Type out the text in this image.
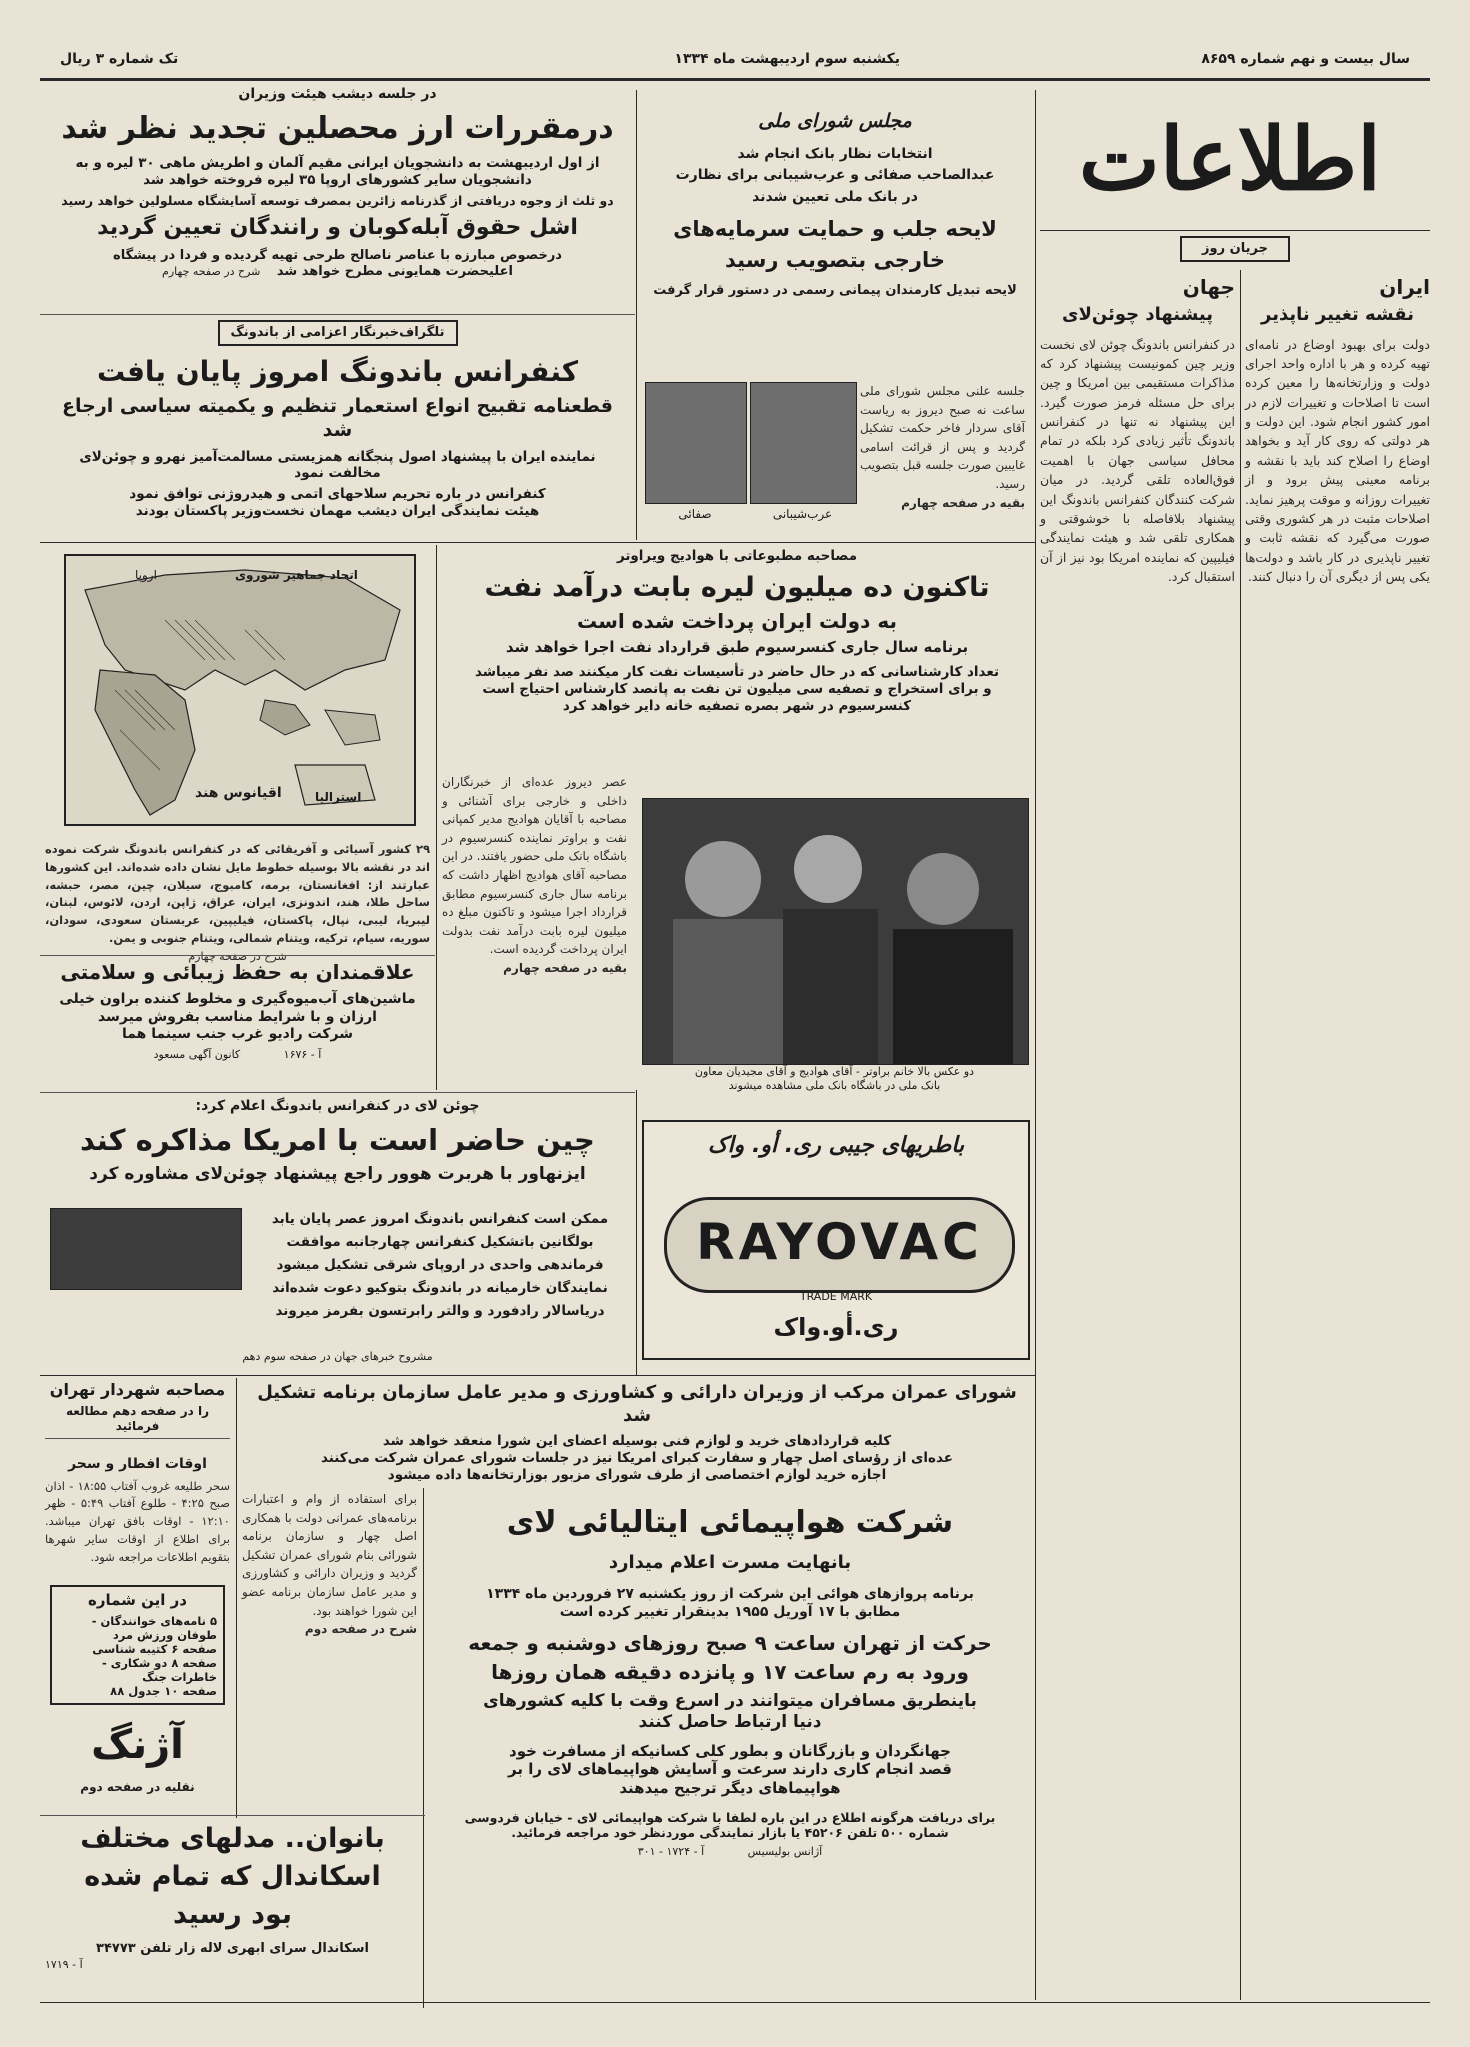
سال بیست و نهم شماره ۸۶۵۹
یکشنبه سوم اردیبهشت ماه ۱۳۳۴
تک شماره ۳ ریال
اطلاعات
جریان روز
ایران
نقشه تغییر ناپذیر
دولت برای بهبود اوضاع در نامه‌ای تهیه کرده و هر با اداره واحد اجرای دولت و وزارتخانه‌ها را معین کرده است تا اصلاحات و تغییرات لازم در امور کشور انجام شود. این دولت و هر دولتی که روی کار آید و بخواهد اوضاع را اصلاح کند باید با نقشه و برنامه معینی پیش برود و از تغییرات روزانه و موقت پرهیز نماید. اصلاحات مثبت در هر کشوری وقتی صورت می‌گیرد که نقشه ثابت و تغییر ناپذیری در کار باشد و دولت‌ها یکی پس از دیگری آن را دنبال کنند.
جهان
پیشنهاد چوئن‌لای
در کنفرانس باندونگ چوئن لای نخست وزیر چین کمونیست پیشنهاد کرد که مذاکرات مستقیمی بین امریکا و چین برای حل مسئله فرمز صورت گیرد. این پیشنهاد نه تنها در کنفرانس باندونگ تأثیر زیادی کرد بلکه در تمام محافل سیاسی جهان با اهمیت فوق‌العاده تلقی گردید. در میان شرکت کنندگان کنفرانس باندونگ این پیشنهاد بلافاصله با خوشوقتی و همکاری تلقی شد و هیئت نمایندگی فیلیپین که نماینده امریکا بود نیز از آن استقبال کرد.
مجلس شورای ملی
انتخابات نظار بانک انجام شد
عبدالصاحب صفائی و عرب‌شیبانی برای نظارت
در بانک ملی تعیین شدند
لایحه جلب و حمایت سرمایه‌های
خارجی بتصویب رسید
لایحه تبدیل کارمندان پیمانی رسمی در دستور قرار گرفت
جلسه علنی مجلس شورای ملی ساعت نه صبح دیروز به ریاست آقای سردار فاخر حکمت تشکیل گردید و پس از قرائت اسامی غایبین صورت جلسه قبل بتصویب رسید.
بقیه در صفحه چهارم
عرب‌شیبانی
صفائی
در جلسه دیشب هیئت وزیران
درمقررات ارز محصلین تجدید نظر شد
از اول اردیبهشت به دانشجویان ایرانی مقیم آلمان و اطریش ماهی ۳۰ لیره و به
دانشجویان سایر کشورهای اروپا ۳۵ لیره فروخته خواهد شد
دو ثلث از وجوه دریافتی از گذرنامه زائرین بمصرف توسعه آسایشگاه مسلولین خواهد رسید
اشل حقوق آبله‌کوبان و رانندگان تعیین گردید
درخصوص مبارزه با عناصر ناصالح طرحی تهیه گردیده و فردا در پیشگاه
اعلیحضرت همایونی مطرح خواهد شد شرح در صفحه چهارم
تلگراف‌خبرنگار اعزامی از باندونگ
کنفرانس باندونگ امروز پایان یافت
قطعنامه تقبیح انواع استعمار تنظیم و یکمیته سیاسی ارجاع شد
نماینده ایران با پیشنهاد اصول پنجگانه همزیستی مسالمت‌آمیز نهرو و چوئن‌لای
مخالفت نمود
کنفرانس در باره تحریم سلاحهای اتمی و هیدروژنی توافق نمود
هیئت نمایندگی ایران دیشب مهمان نخست‌وزیر پاکستان بودند
اتحاد جماهیر شوروی
اروپا
اقیانوس هند	استرالیا
۲۹ کشور آسیائی و آفریقائی که در کنفرانس باندونگ شرکت نموده اند در نقشه بالا بوسیله خطوط مایل نشان داده شده‌اند. این کشورها عبارتند از: افغانستان، برمه، کامبوج، سیلان، چین، مصر، حبشه، ساحل طلا، هند، اندونزی، ایران، عراق، ژاپن، اردن، لائوس، لبنان، لیبریا، لیبی، نپال، پاکستان، فیلیپین، عربستان سعودی، سودان، سوریه، سیام، ترکیه، ویتنام شمالی، ویتنام جنوبی و یمن.
شرح در صفحه چهارم
علاقمندان به حفظ زیبائی و سلامتی
ماشین‌های آب‌میوه‌گیری و مخلوط کننده براون خیلی
ارزان و با شرایط مناسب بفروش میرسد
شرکت رادیو غرب جنب سینما هما
آ - ۱۶۷۶ کانون آگهی مسعود
مصاحبه مطبوعاتی با هوادیج ویراوتر
تاکنون ده میلیون لیره بابت درآمد نفت
به دولت ایران پرداخت شده است
برنامه سال جاری کنسرسیوم طبق قرارداد نفت اجرا خواهد شد
تعداد کارشناسانی که در حال حاضر در تأسیسات نفت کار میکنند صد نفر میباشد
و برای استخراج و تصفیه سی میلیون تن نفت به پانصد کارشناس احتیاج است
کنسرسیوم در شهر بصره تصفیه خانه دایر خواهد کرد
عصر دیروز عده‌ای از خبرنگاران داخلی و خارجی برای آشنائی و مصاحبه با آقایان هوادیج مدیر کمپانی نفت و براوتر نماینده کنسرسیوم در باشگاه بانک ملی حضور یافتند. در این مصاحبه آقای هوادیج اظهار داشت که برنامه سال جاری کنسرسیوم مطابق قرارداد اجرا میشود و تاکنون مبلغ ده میلیون لیره بابت درآمد نفت بدولت ایران پرداخت گردیده است.
بقیه در صفحه چهارم
دو عکس بالا خانم براوتر - آقای هوادیج و آقای مجیدیان معاون
بانک ملی در باشگاه بانک ملی مشاهده میشوند
چوئن لای در کنفرانس باندونگ اعلام کرد:
چین حاضر است با امریکا مذاکره کند
ایزنهاور با هربرت هوور راجع پیشنهاد چوئن‌لای مشاوره کرد
ممکن است کنفرانس باندونگ امروز عصر پایان یابد
بولگانین باتشکیل کنفرانس چهارجانبه موافقت
فرماندهی واحدی در اروپای شرقی تشکیل میشود
نمایندگان خارمیانه در باندونگ بتوکیو دعوت شده‌اند
دریاسالار رادفورد و والتر رابرتسون بفرمز میروند
مشروح خبرهای جهان در صفحه سوم دهم
باطریهای جیبی ری. أو. واک
RAYOVAC
TRADE MARK
ری.أو.واک
مصاحبه شهردار تهران
را در صفحه دهم مطالعه فرمائید
اوقات افطار و سحر
سحر طلیعه غروب آفتاب ۱۸:۵۵ - اذان صبح ۴:۲۵ - طلوع آفتاب ۵:۴۹ - ظهر ۱۲:۱۰ - اوقات بافق تهران میباشد. برای اطلاع از اوقات سایر شهرها بتقویم اطلاعات مراجعه شود.
در این شماره
۵ نامه‌های خوانندگان - طوفان ورزش مرد
صفحه ۶ کتیبه شناسی
صفحه ۸ دو شکاری - خاطرات جنگ
صفحه ۱۰ جدول ۸۸
آژنگ
نقلیه در صفحه دوم
شورای عمران مرکب از وزیران دارائی و کشاورزی و مدیر عامل سازمان برنامه تشکیل شد
کلیه قراردادهای خرید و لوازم فنی بوسیله اعضای این شورا منعقد خواهد شد
عده‌ای از رؤسای اصل چهار و سفارت کبرای امریکا نیز در جلسات شورای عمران شرکت می‌کنند
اجازه خرید لوازم اختصاصی از طرف شورای مزبور بوزارتخانه‌ها داده میشود
برای استفاده از وام و اعتبارات برنامه‌های عمرانی دولت با همکاری اصل چهار و سازمان برنامه شورائی بنام شورای عمران تشکیل گردید و وزیران دارائی و کشاورزی و مدیر عامل سازمان برنامه عضو این شورا خواهند بود.
شرح در صفحه دوم
شرکت هواپیمائی ایتالیائی لای
بانهایت مسرت اعلام میدارد
برنامه پروازهای هوائی این شرکت از روز یکشنبه ۲۷ فروردین ماه ۱۳۳۴
مطابق با ۱۷ آوریل ۱۹۵۵ بدینقرار تغییر کرده است
حرکت از تهران ساعت ۹ صبح روزهای دوشنبه و جمعه
ورود به رم ساعت ۱۷ و پانزده دقیقه همان روزها
باینطریق مسافران میتوانند در اسرع وقت با کلیه کشورهای
دنیا ارتباط حاصل کنند
جهانگردان و بازرگانان و بطور کلی کسانیکه از مسافرت خود
قصد انجام کاری دارند سرعت و آسایش هواپیماهای لای را بر
هواپیماهای دیگر ترجیح میدهند
برای دریافت هرگونه اطلاع در این باره لطفا با شرکت هواپیمائی لای - خیابان فردوسی شماره ۵۰۰ تلفن ۴۵۲۰۶ یا بازار نمایندگی موردنظر خود مراجعه فرمائید.
آژانس بولیسیس آ - ۱۷۲۴ - ۳۰۱
بانوان.. مدلهای مختلف
اسکاندال که تمام شده
بود رسید
اسکاندال سرای ابهری لاله زار تلفن ۳۴۷۷۳
آ - ۱۷۱۹
